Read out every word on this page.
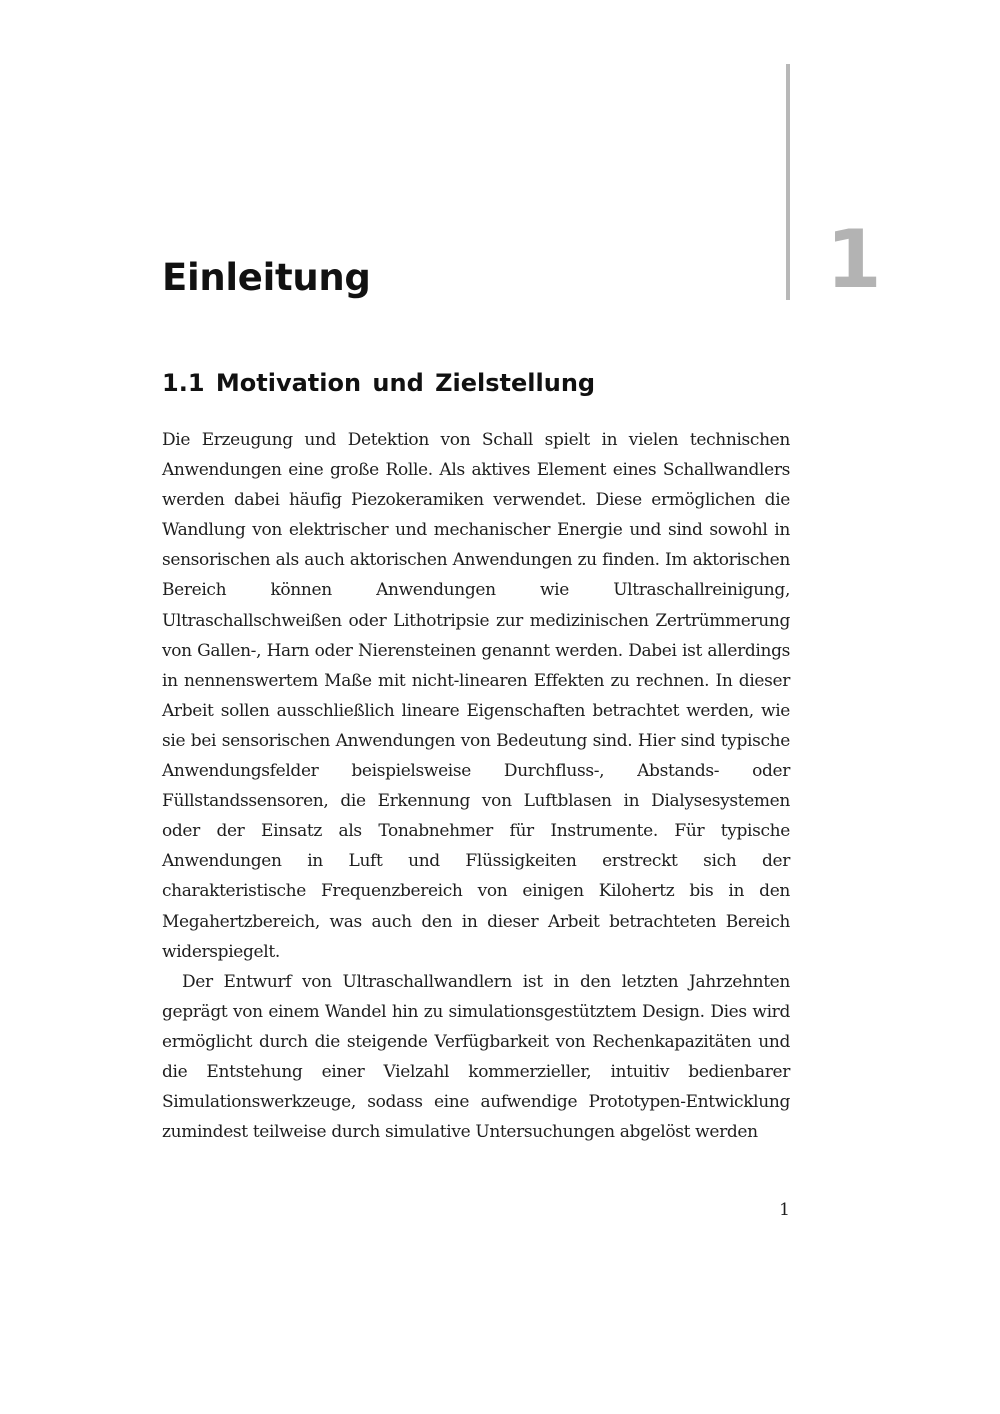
1
Einleitung
1.1 Motivation und Zielstellung

Die Erzeugung und Detektion von Schall spielt in vielen technischen Anwendungen eine große Rolle. Als aktives Element eines Schallwandlers werden dabei häufig Piezokeramiken verwendet. Diese ermöglichen die Wandlung von elektrischer und mechanischer Energie und sind sowohl in sensorischen als auch aktorischen Anwendungen zu finden. Im aktorischen Bereich können Anwendungen wie Ultraschallreinigung, Ultraschallschweißen oder Lithotripsie zur medizinischen Zertrümmerung von Gallen-, Harn oder Nierensteinen genannt werden. Dabei ist allerdings in nennenswertem Maße mit nicht-linearen Effekten zu rechnen. In dieser Arbeit sollen ausschließlich lineare Eigenschaften betrachtet werden, wie sie bei sensorischen Anwendungen von Bedeutung sind. Hier sind typische Anwendungsfelder beispielsweise Durchfluss-, Abstands- oder Füllstandssensoren, die Erkennung von Luftblasen in Dialysesystemen oder der Einsatz als Tonabnehmer für Instrumente. Für typische Anwendungen in Luft und Flüssigkeiten erstreckt sich der charakteristische Frequenzbereich von einigen Kilohertz bis in den Megahertzbereich, was auch den in dieser Arbeit betrachteten Bereich widerspiegelt.

Der Entwurf von Ultraschallwandlern ist in den letzten Jahrzehnten geprägt von einem Wandel hin zu simulationsgestütztem Design. Dies wird ermöglicht durch die steigende Verfügbarkeit von Rechenkapazitäten und die Entstehung einer Vielzahl kommerzieller, intuitiv bedienbarer Simulationswerkzeuge, sodass eine aufwendige Prototypen-Entwicklung zumindest teilweise durch simulative Untersuchungen abgelöst werden

1
